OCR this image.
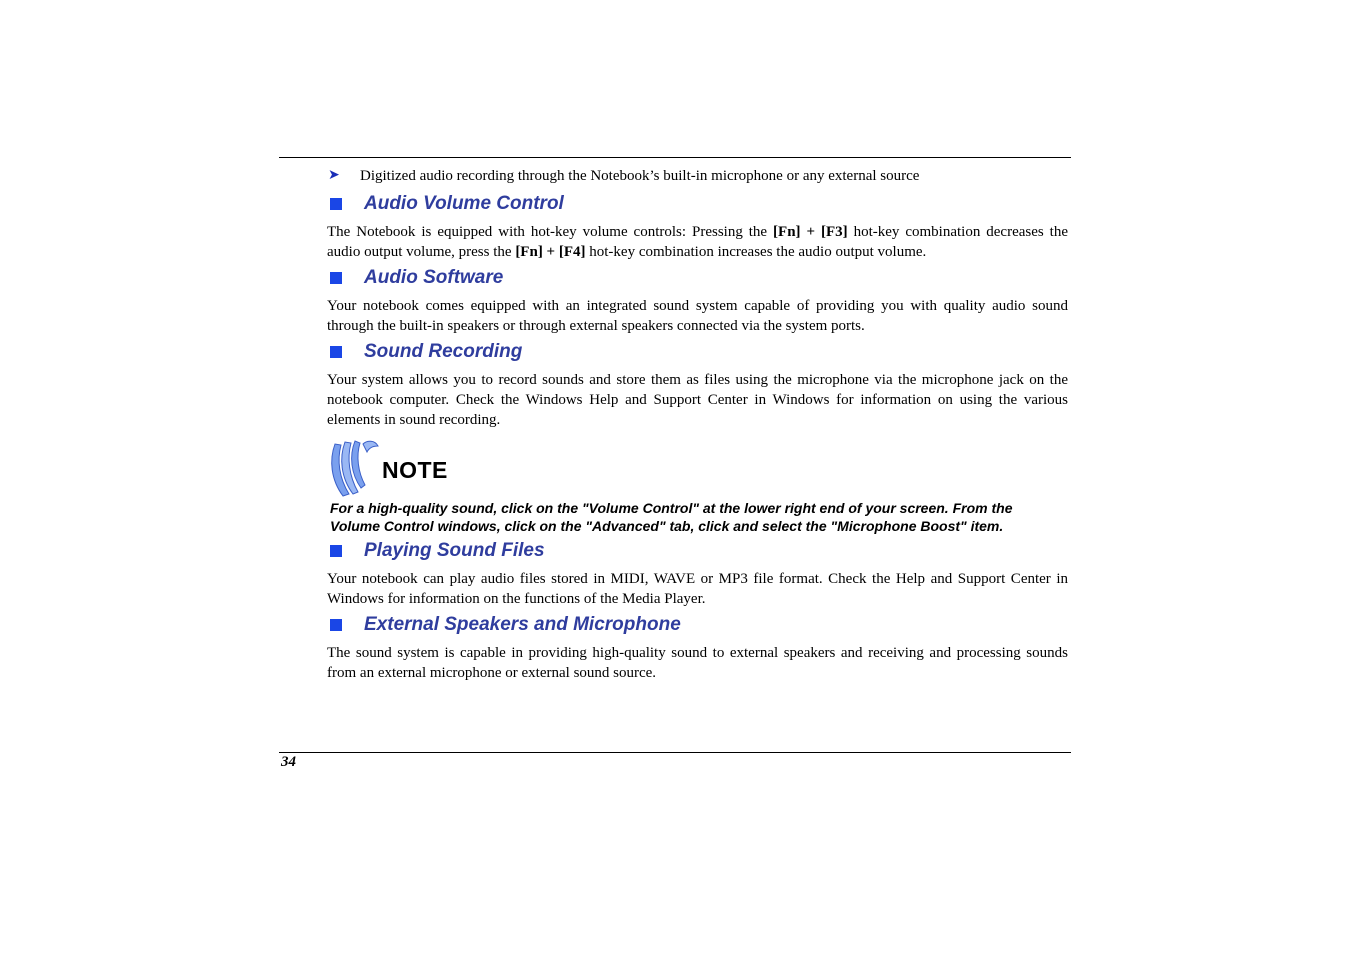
➤	Digitized audio recording through the Notebook’s built-in microphone or any external source
Audio Volume Control

The Notebook is equipped with hot-key volume controls: Pressing the [Fn] + [F3] hot-key combination decreases the audio output volume, press the [Fn] + [F4] hot-key combination increases the audio output volume.

Audio Software

Your notebook comes equipped with an integrated sound system capable of providing you with quality audio sound through the built-in speakers or through external speakers connected via the system ports.

Sound Recording

Your system allows you to record sounds and store them as files using the microphone via the microphone jack on the notebook computer. Check the Windows Help and Support Center in Windows for information on using the various elements in sound recording.

NOTE
For a high-quality sound, click on the "Volume Control" at the lower right end of your screen. From the Volume Control windows, click on the "Advanced" tab, click and select the "Microphone Boost" item.
Playing Sound Files

Your notebook can play audio files stored in MIDI, WAVE or MP3 file format. Check the Help and Support Center in Windows for information on the functions of the Media Player.

External Speakers and Microphone

The sound system is capable in providing high-quality sound to external speakers and receiving and processing sounds from an external microphone or external sound source.

34
